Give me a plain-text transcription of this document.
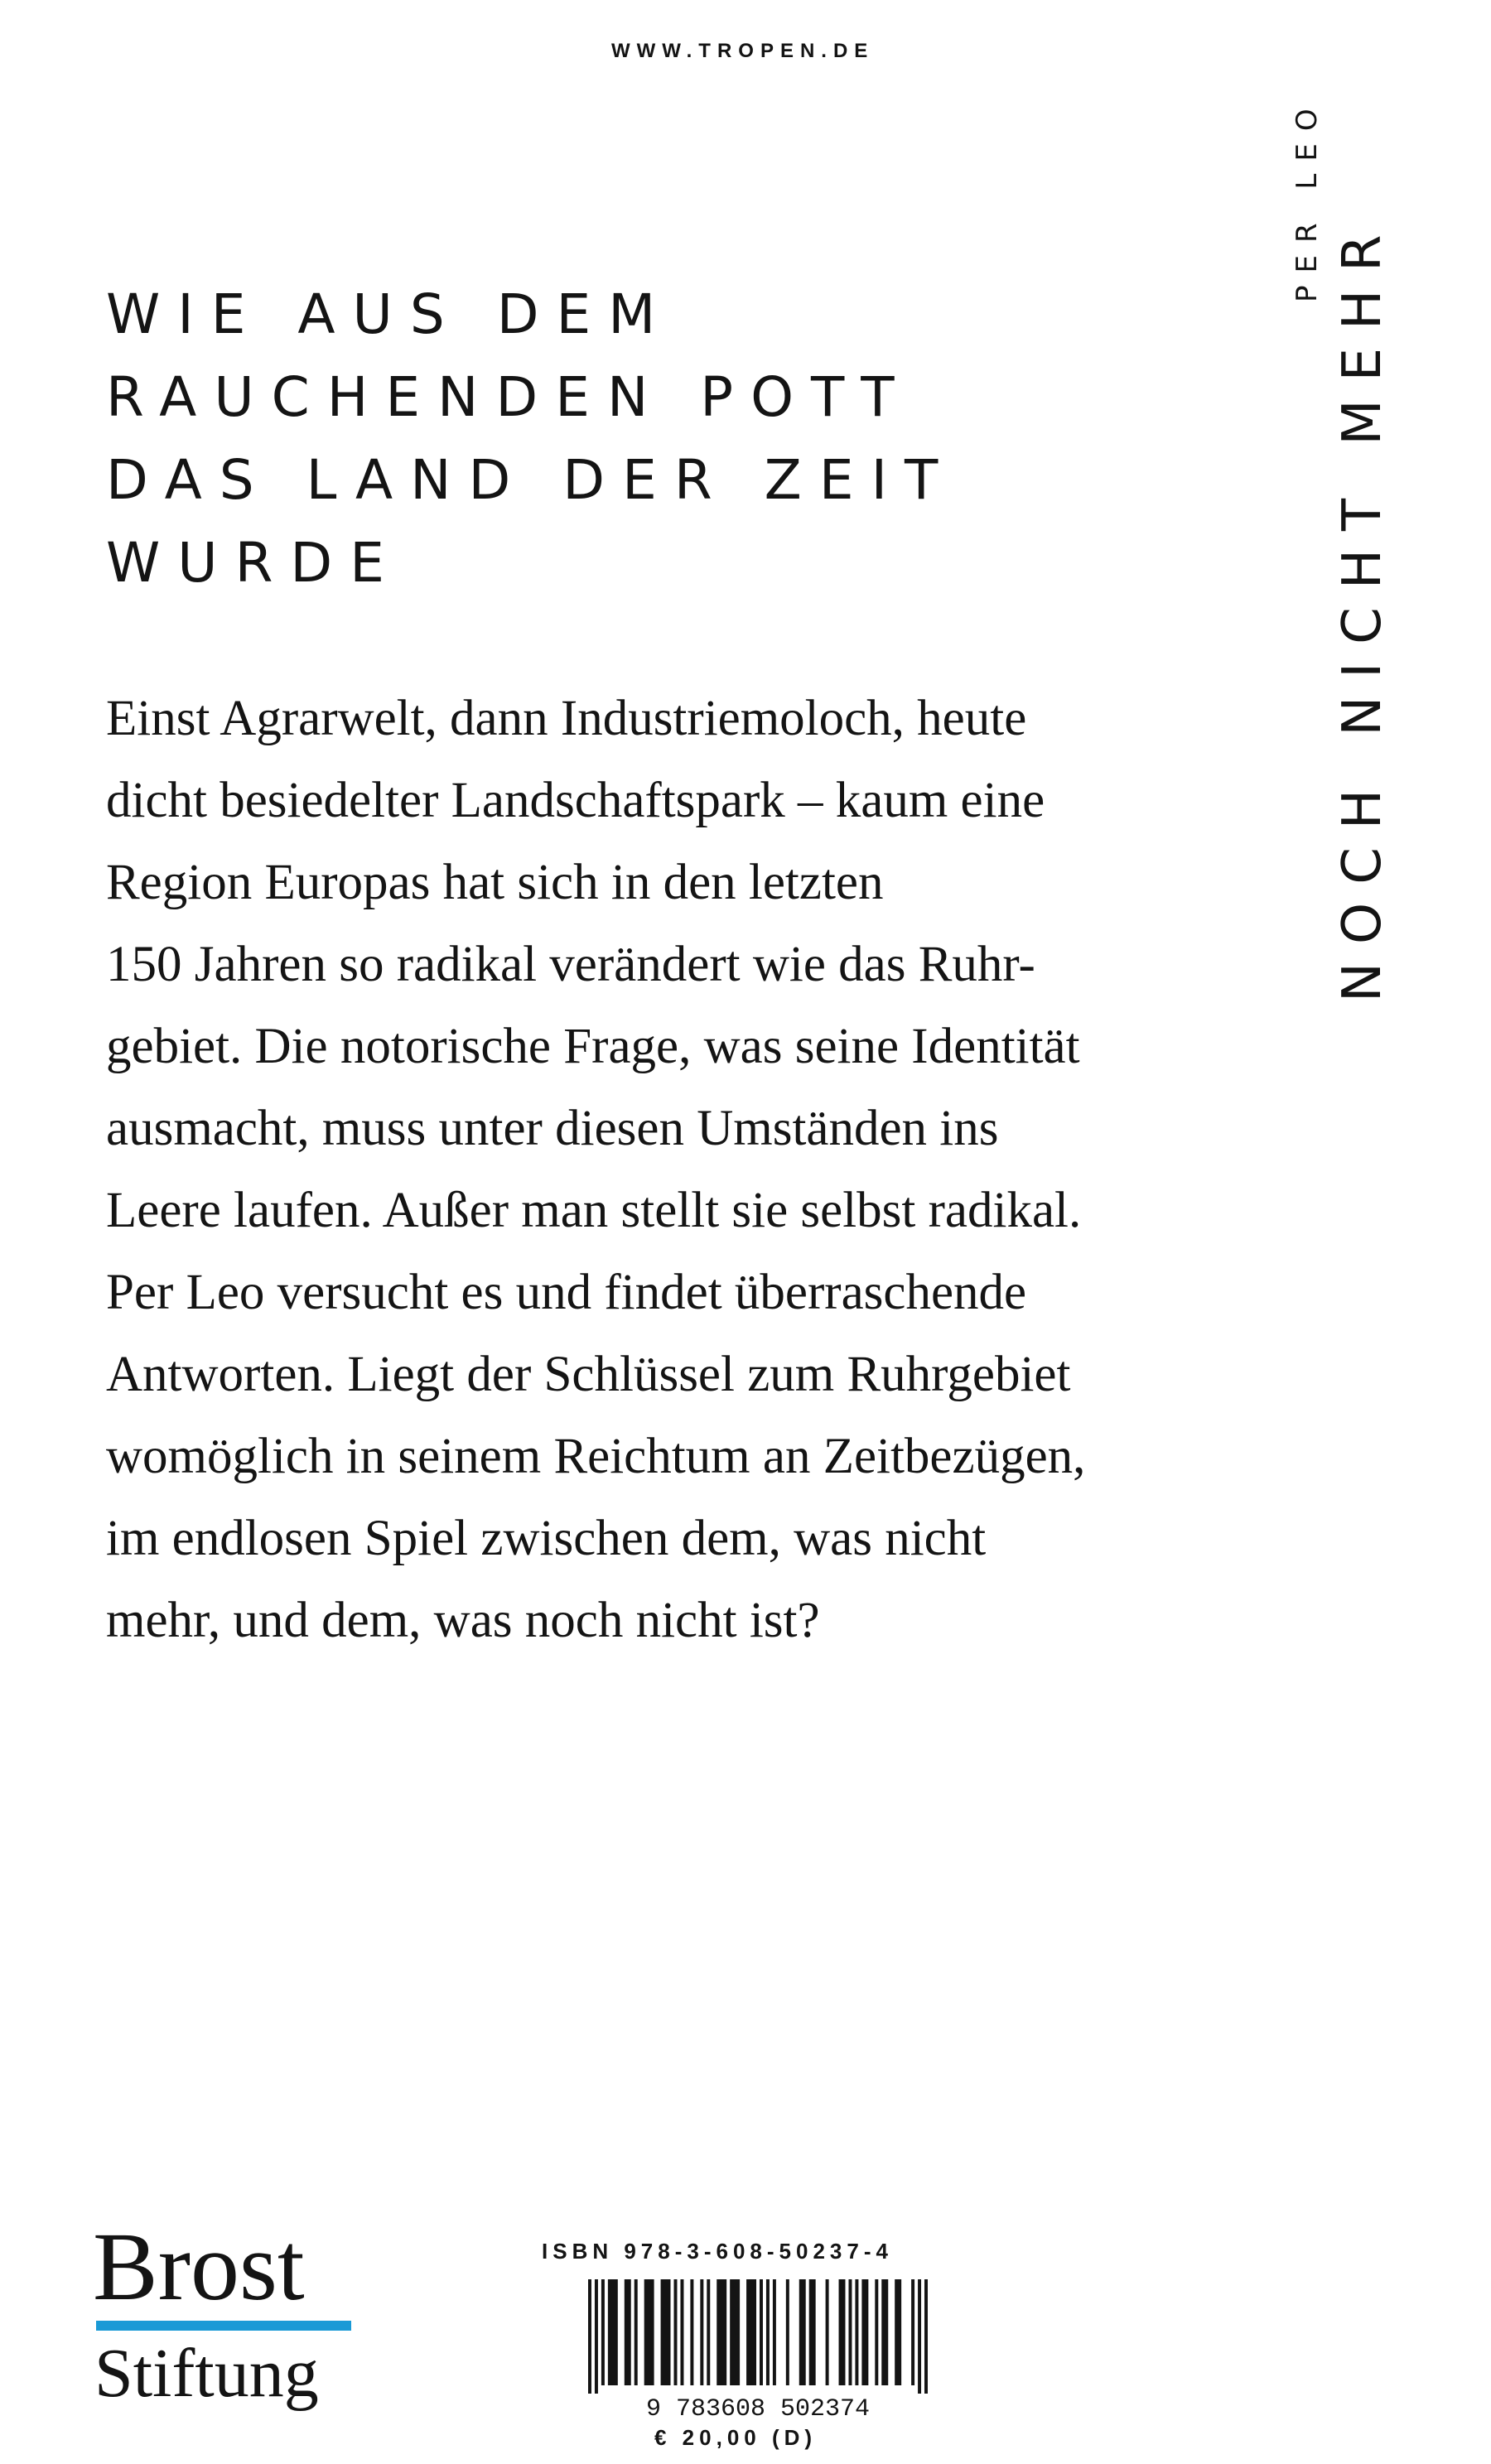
WWW.TROPEN.DE
WIE AUS DEM
RAUCHENDEN POTT
DAS LAND DER ZEIT
WURDE

Einst Agrarwelt, dann Industriemoloch, heute
dicht besiedelter Landschaftspark – kaum eine
Region Europas hat sich in den letzten
150 Jahren so radikal verändert wie das Ruhr-
gebiet. Die notorische Frage, was seine Identität
ausmacht, muss unter diesen Umständen ins
Leere laufen. Außer man stellt sie selbst radikal.
Per Leo versucht es und findet überraschende
Antworten. Liegt der Schlüssel zum Ruhrgebiet
womöglich in seinem Reichtum an Zeitbezügen,
im endlosen Spiel zwischen dem, was nicht
mehr, und dem, was noch nicht ist?

NOCH NICHT MEHR
PER LEO
Brost
Stiftung
ISBN 978-3-608-50237-4
9 783608 502374
€ 20,00 (D)
